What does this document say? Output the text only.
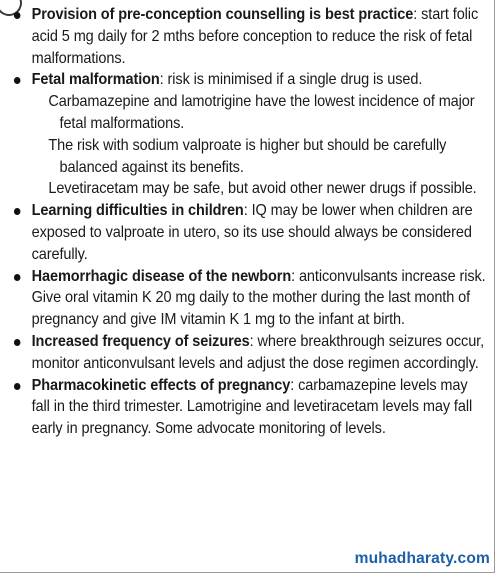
Provision of pre-conception counselling is best practice: start folic acid 5 mg daily for 2 mths before conception to reduce the risk of fetal malformations.
Fetal malformation: risk is minimised if a single drug is used.
Carbamazepine and lamotrigine have the lowest incidence of major fetal malformations.
The risk with sodium valproate is higher but should be carefully balanced against its benefits.
Levetiracetam may be safe, but avoid other newer drugs if possible.
Learning difficulties in children: IQ may be lower when children are exposed to valproate in utero, so its use should always be considered carefully.
Haemorrhagic disease of the newborn: anticonvulsants increase risk. Give oral vitamin K 20 mg daily to the mother during the last month of pregnancy and give IM vitamin K 1 mg to the infant at birth.
Increased frequency of seizures: where breakthrough seizures occur, monitor anticonvulsant levels and adjust the dose regimen accordingly.
Pharmacokinetic effects of pregnancy: carbamazepine levels may fall in the third trimester. Lamotrigine and levetiracetam levels may fall early in pregnancy. Some advocate monitoring of levels.
muhadharaty.com
